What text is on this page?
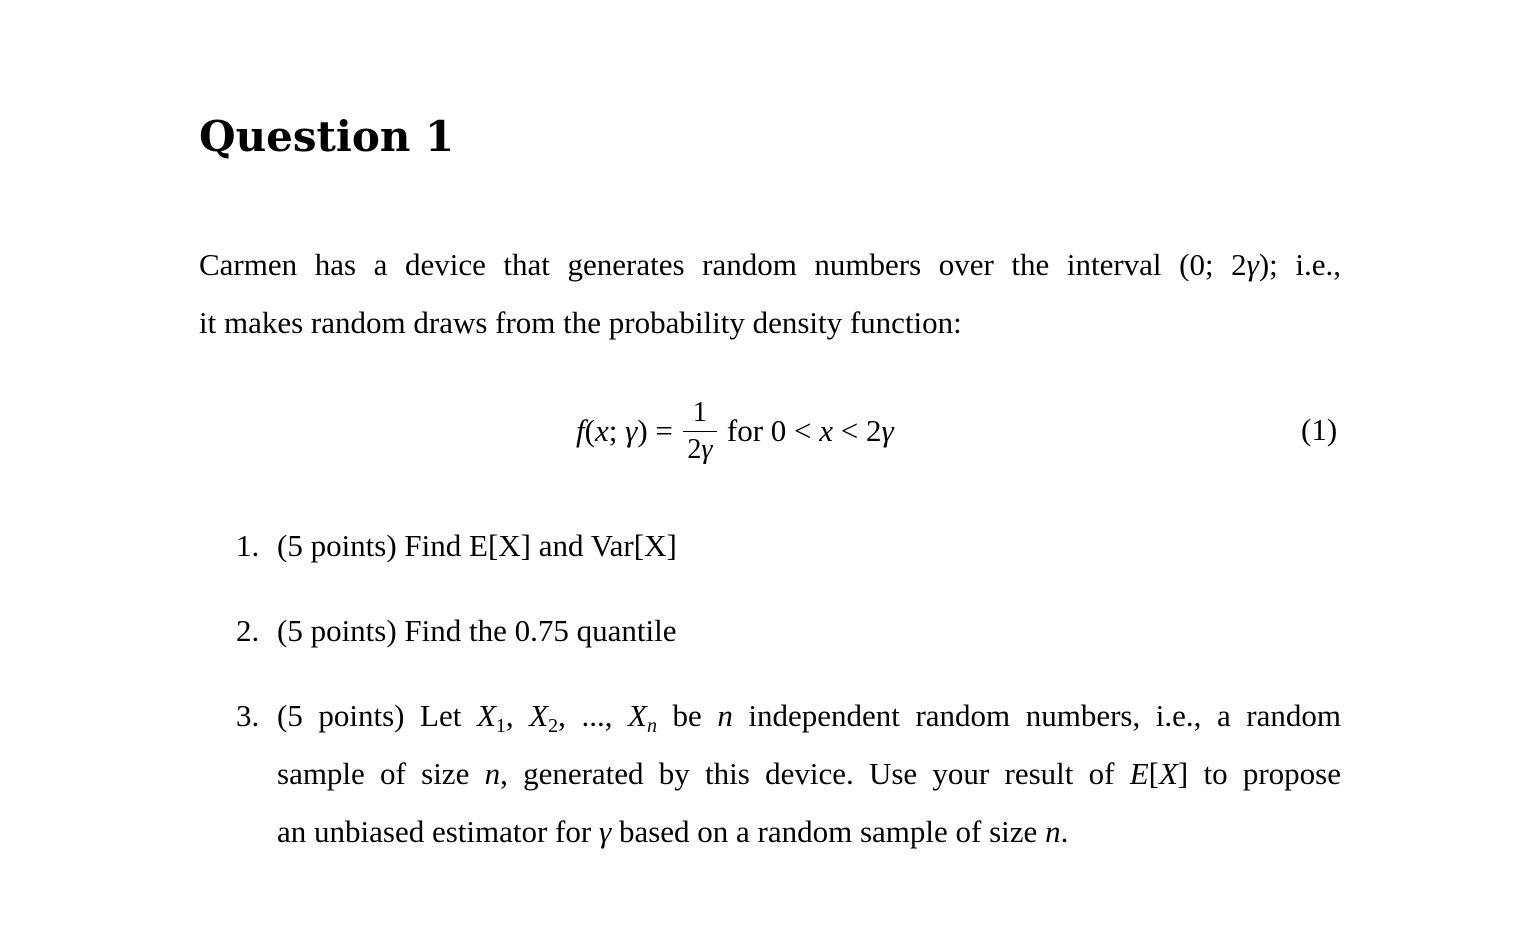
Question 1

Carmen has a device that generates random numbers over the interval (0; 2γ); i.e.,
it makes random draws from the probability density function:

f ( x ; γ ) = $\frac{1}{2\gamma}$ for 0 < x < 2 γ	(1)
1. (5 points) Find E[X] and Var[X]
2. (5 points) Find the 0.75 quantile
3. (5 points) Let $X_1$, $X_2$, ..., $X_n$ be n independent random numbers, i.e., a random
sample of size n, generated by this device. Use your result of E[X] to propose
an unbiased estimator for γ based on a random sample of size n.
